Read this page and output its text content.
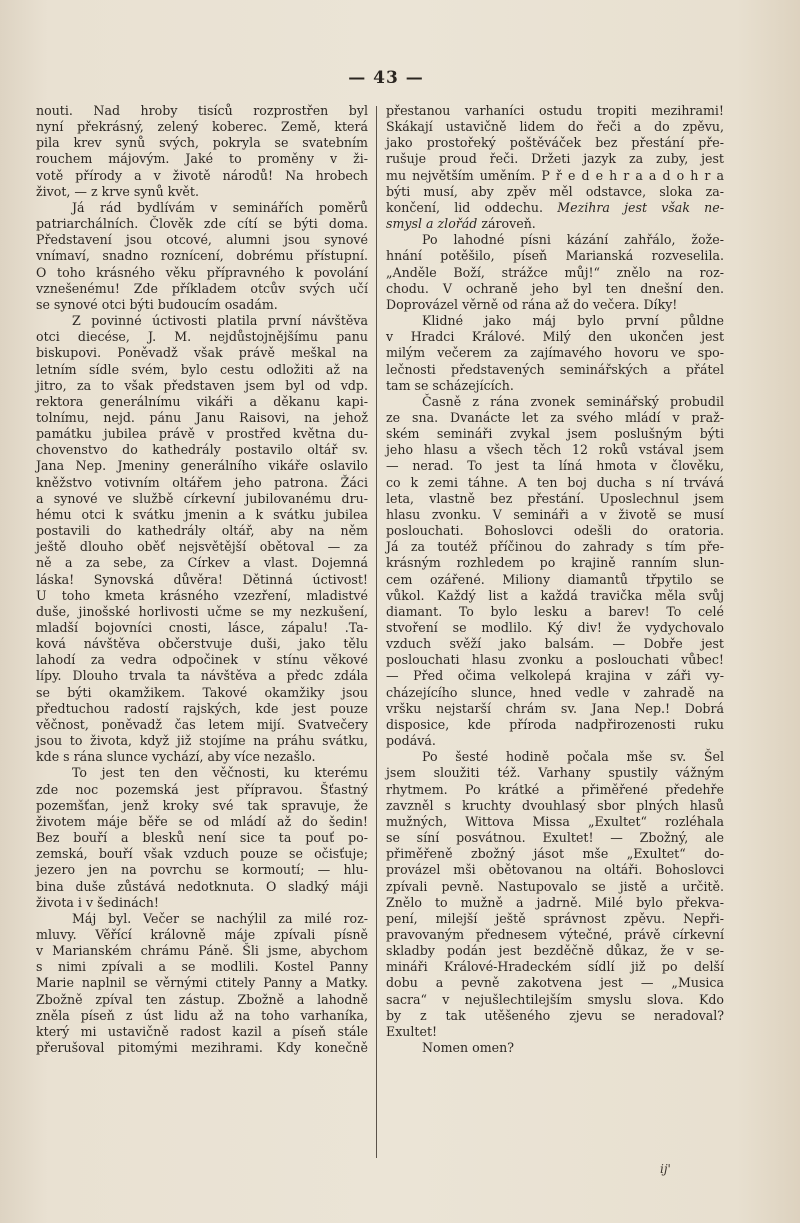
— 43 —
nouti. Nad hroby tisíců rozprostřen byl
nyní překrásný, zelený koberec. Země, která
pila krev synů svých, pokryla se svatebním
rouchem májovým. Jaké to proměny v ži-
votě přírody a v životě národů! Na hrobech
život, — z krve synů květ.
Já rád bydlívám v seminářích poměrů
patriarchálních. Člověk zde cítí se býti doma.
Představení jsou otcové, alumni jsou synové
vnímaví, snadno roznícení, dobrému přístupní.
O toho krásného věku přípravného k povolání
vznešenému! Zde příkladem otcův svých učí
se synové otci býti budoucím osadám.
Z povinné úctivosti platila první návštěva
otci diecése, J. M. nejdůstojnějšímu panu
biskupovi. Poněvadž však právě meškal na
letním sídle svém, bylo cestu odložiti až na
jitro, za to však představen jsem byl od vdp.
rektora generálnímu vikáři a děkanu kapi-
tolnímu, nejd. pánu Janu Raisovi, na jehož
památku jubilea právě v prostřed května du-
chovenstvo do kathedrály postavilo oltář sv.
Jana Nep. Jmeniny generálního vikáře oslavilo
kněžstvo votivním oltářem jeho patrona. Žáci
a synové ve službě církevní jubilovanému dru-
hému otci k svátku jmenin a k svátku jubilea
postavili do kathedrály oltář, aby na něm
ještě dlouho oběť nejsvětější obětoval — za
ně a za sebe, za Církev a vlast. Dojemná
láska! Synovská důvěra! Dětinná úctivost!
U toho kmeta krásného vzezření, mladistvé
duše, jinošské horlivosti učme se my nezkušení,
mladší bojovníci cnosti, lásce, zápalu! .Ta-
ková návštěva občerstvuje duši, jako tělu
lahodí za vedra odpočinek v stínu věkové
lípy. Dlouho trvala ta návštěva a předc zdála
se býti okamžikem. Takové okamžiky jsou
předtuchou radostí rajských, kde jest pouze
věčnost, poněvadž čas letem mijí. Svatvečery
jsou to života, když již stojíme na práhu svátku,
kde s rána slunce vychází, aby více nezašlo.
To jest ten den věčnosti, ku kterému
zde noc pozemská jest přípravou. Šťastný
pozemšťan, jenž kroky své tak spravuje, že
životem máje běře se od mládí až do šedin!
Bez bouří a blesků není sice ta pouť po-
zemská, bouří však vzduch pouze se očisťuje;
jezero jen na povrchu se kormoutí; — hlu-
bina duše zůstává nedotknuta. O sladký máji
života i v šedinách!
Máj byl. Večer se nachýlil za milé roz-
mluvy. Věřící královně máje zpívali písně
v Marianském chrámu Páně. Šli jsme, abychom
s nimi zpívali a se modlili. Kostel Panny
Marie naplnil se věrnými ctitely Panny a Matky.
Zbožně zpíval ten zástup. Zbožně a lahodně
zněla píseň z úst lidu až na toho varhaníka,
který mi ustavičně radost kazil a píseň stále
přerušoval pitomými mezihrami. Kdy konečně
přestanou varhaníci ostudu tropiti mezihrami!
Skákají ustavičně lidem do řeči a do zpěvu,
jako prostořeký poštěváček bez přestání pře-
rušuje proud řeči. Držeti jazyk za zuby, jest
mu největším uměním. P ř e d e h r a a d o h r a
býti musí, aby zpěv měl odstavce, sloka za-
končení, lid oddechu. Mezihra jest však ne-
smysl a zlořád zároveň.
Po lahodné písni kázání zahřálo, žože-
hnání potěšilo, píseň Marianská rozveselila.
„Anděle Boží, strážce můj!“ znělo na roz-
chodu. V ochraně jeho byl ten dnešní den.
Doprovázel věrně od rána až do večera. Díky!
Klidné jako máj bylo první půldne
v Hradci Králové. Milý den ukončen jest
milým večerem za zajímavého hovoru ve spo-
lečnosti představených seminářských a přátel
tam se scházejících.
Časně z rána zvonek seminářský probudil
ze sna. Dvanácte let za svého mládí v praž-
ském semináři zvykal jsem poslušným býti
jeho hlasu a všech těch 12 roků vstával jsem
— nerad. To jest ta líná hmota v člověku,
co k zemi táhne. A ten boj ducha s ní trvává
leta, vlastně bez přestání. Uposlechnul jsem
hlasu zvonku. V semináři a v životě se musí
poslouchati. Bohoslovci odešli do oratoria.
Já za toutéž příčinou do zahrady s tím pře-
krásným rozhledem po krajině ranním slun-
cem ozářené. Miliony diamantů třpytilo se
vůkol. Každý list a každá travička měla svůj
diamant. To bylo lesku a barev! To celé
stvoření se modlilo. Ký div! že vydychovalo
vzduch svěží jako balsám. — Dobře jest
poslouchati hlasu zvonku a poslouchati vůbec!
— Před očima velkolepá krajina v záři vy-
cházejícího slunce, hned vedle v zahradě na
vršku nejstarší chrám sv. Jana Nep.! Dobrá
disposice, kde příroda nadpřirozenosti ruku
podává.
Po šesté hodině počala mše sv. Šel
jsem sloužiti též. Varhany spustily vážným
rhytmem. Po krátké a přiměřené předehře
zavzněl s kruchty dvouhlasý sbor plných hlasů
mužných, Wittova Missa „Exultet“ rozléhala
se síní posvátnou. Exultet! — Zbožný, ale
přiměřeně zbožný jásot mše „Exultet“ do-
provázel mši obětovanou na oltáři. Bohoslovci
zpívali pevně. Nastupovalo se jistě a určitě.
Znělo to mužně a jadrně. Milé bylo překva-
pení, milejší ještě správnost zpěvu. Nepři-
pravovaným přednesem výtečné, právě církevní
skladby podán jest bezděčně důkaz, že v se-
mináři Králové-Hradeckém sídlí již po delší
dobu a pevně zakotvena jest — „Musica
sacra“ v nejušlechtilejším smyslu slova. Kdo
by z tak utěšeného zjevu se neradoval?
Exultet!
Nomen omen?
ij'
